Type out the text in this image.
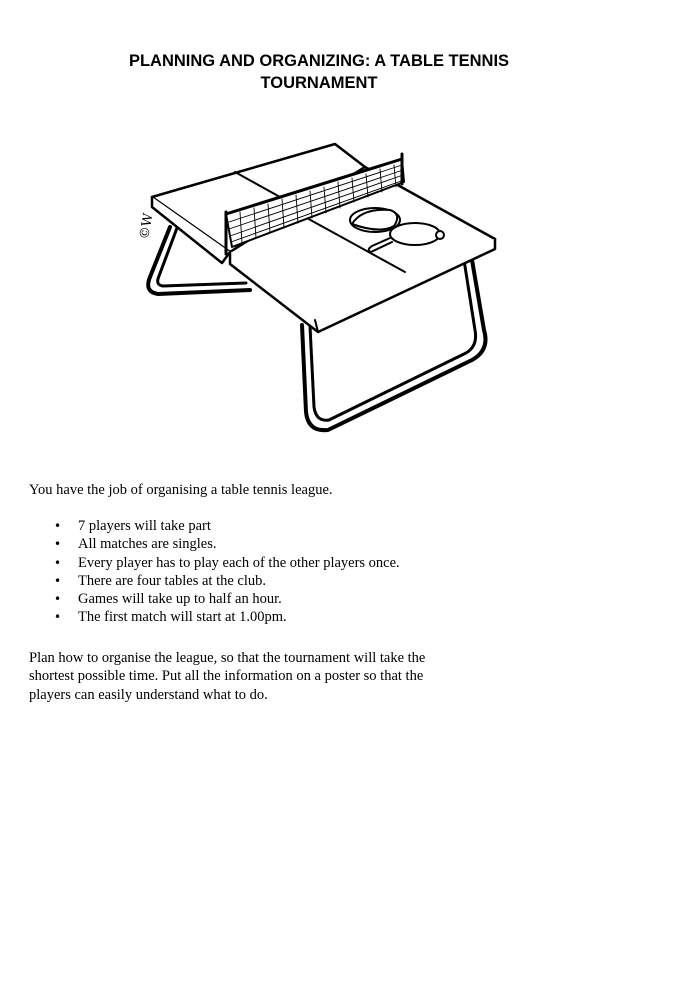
PLANNING AND ORGANIZING: A TABLE TENNIS
TOURNAMENT
©W

You have the job of organising a table tennis league.

• 7 players will take part
• All matches are singles.
• Every player has to play each of the other players once.
• There are four tables at the club.
• Games will take up to half an hour.
• The first match will start at 1.00pm.

Plan how to organise the league, so that the tournament will take the
shortest possible time. Put all the information on a poster so that the
players can easily understand what to do.
